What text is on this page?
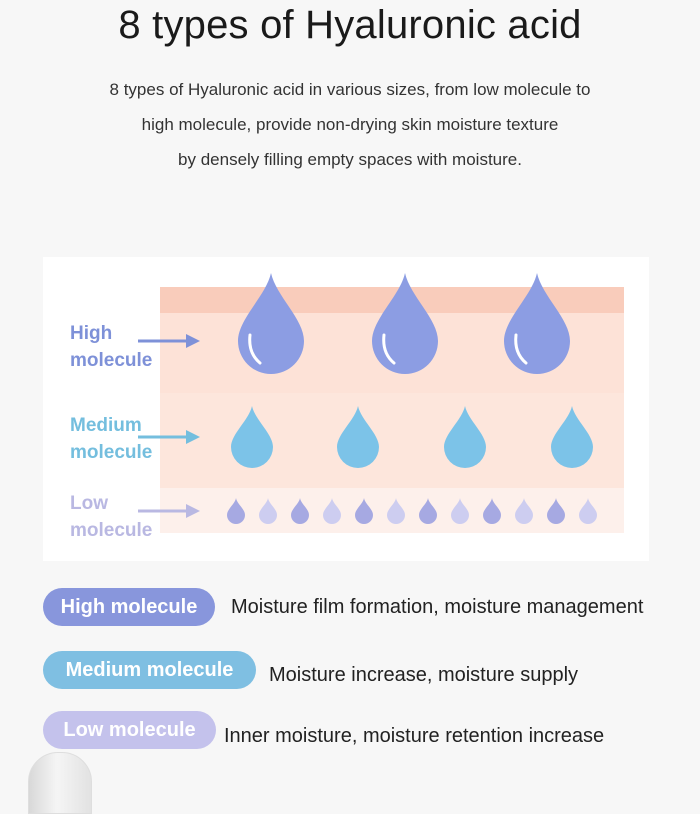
8 types of Hyaluronic acid
8 types of Hyaluronic acid in various sizes, from low molecule to
high molecule, provide non-drying skin moisture texture
by densely filling empty spaces with moisture.
High
molecule
Medium
molecule
Low
molecule
High molecule	Moisture film formation, moisture management
Medium molecule	Moisture increase, moisture supply
Low molecule	Inner moisture, moisture retention increase
